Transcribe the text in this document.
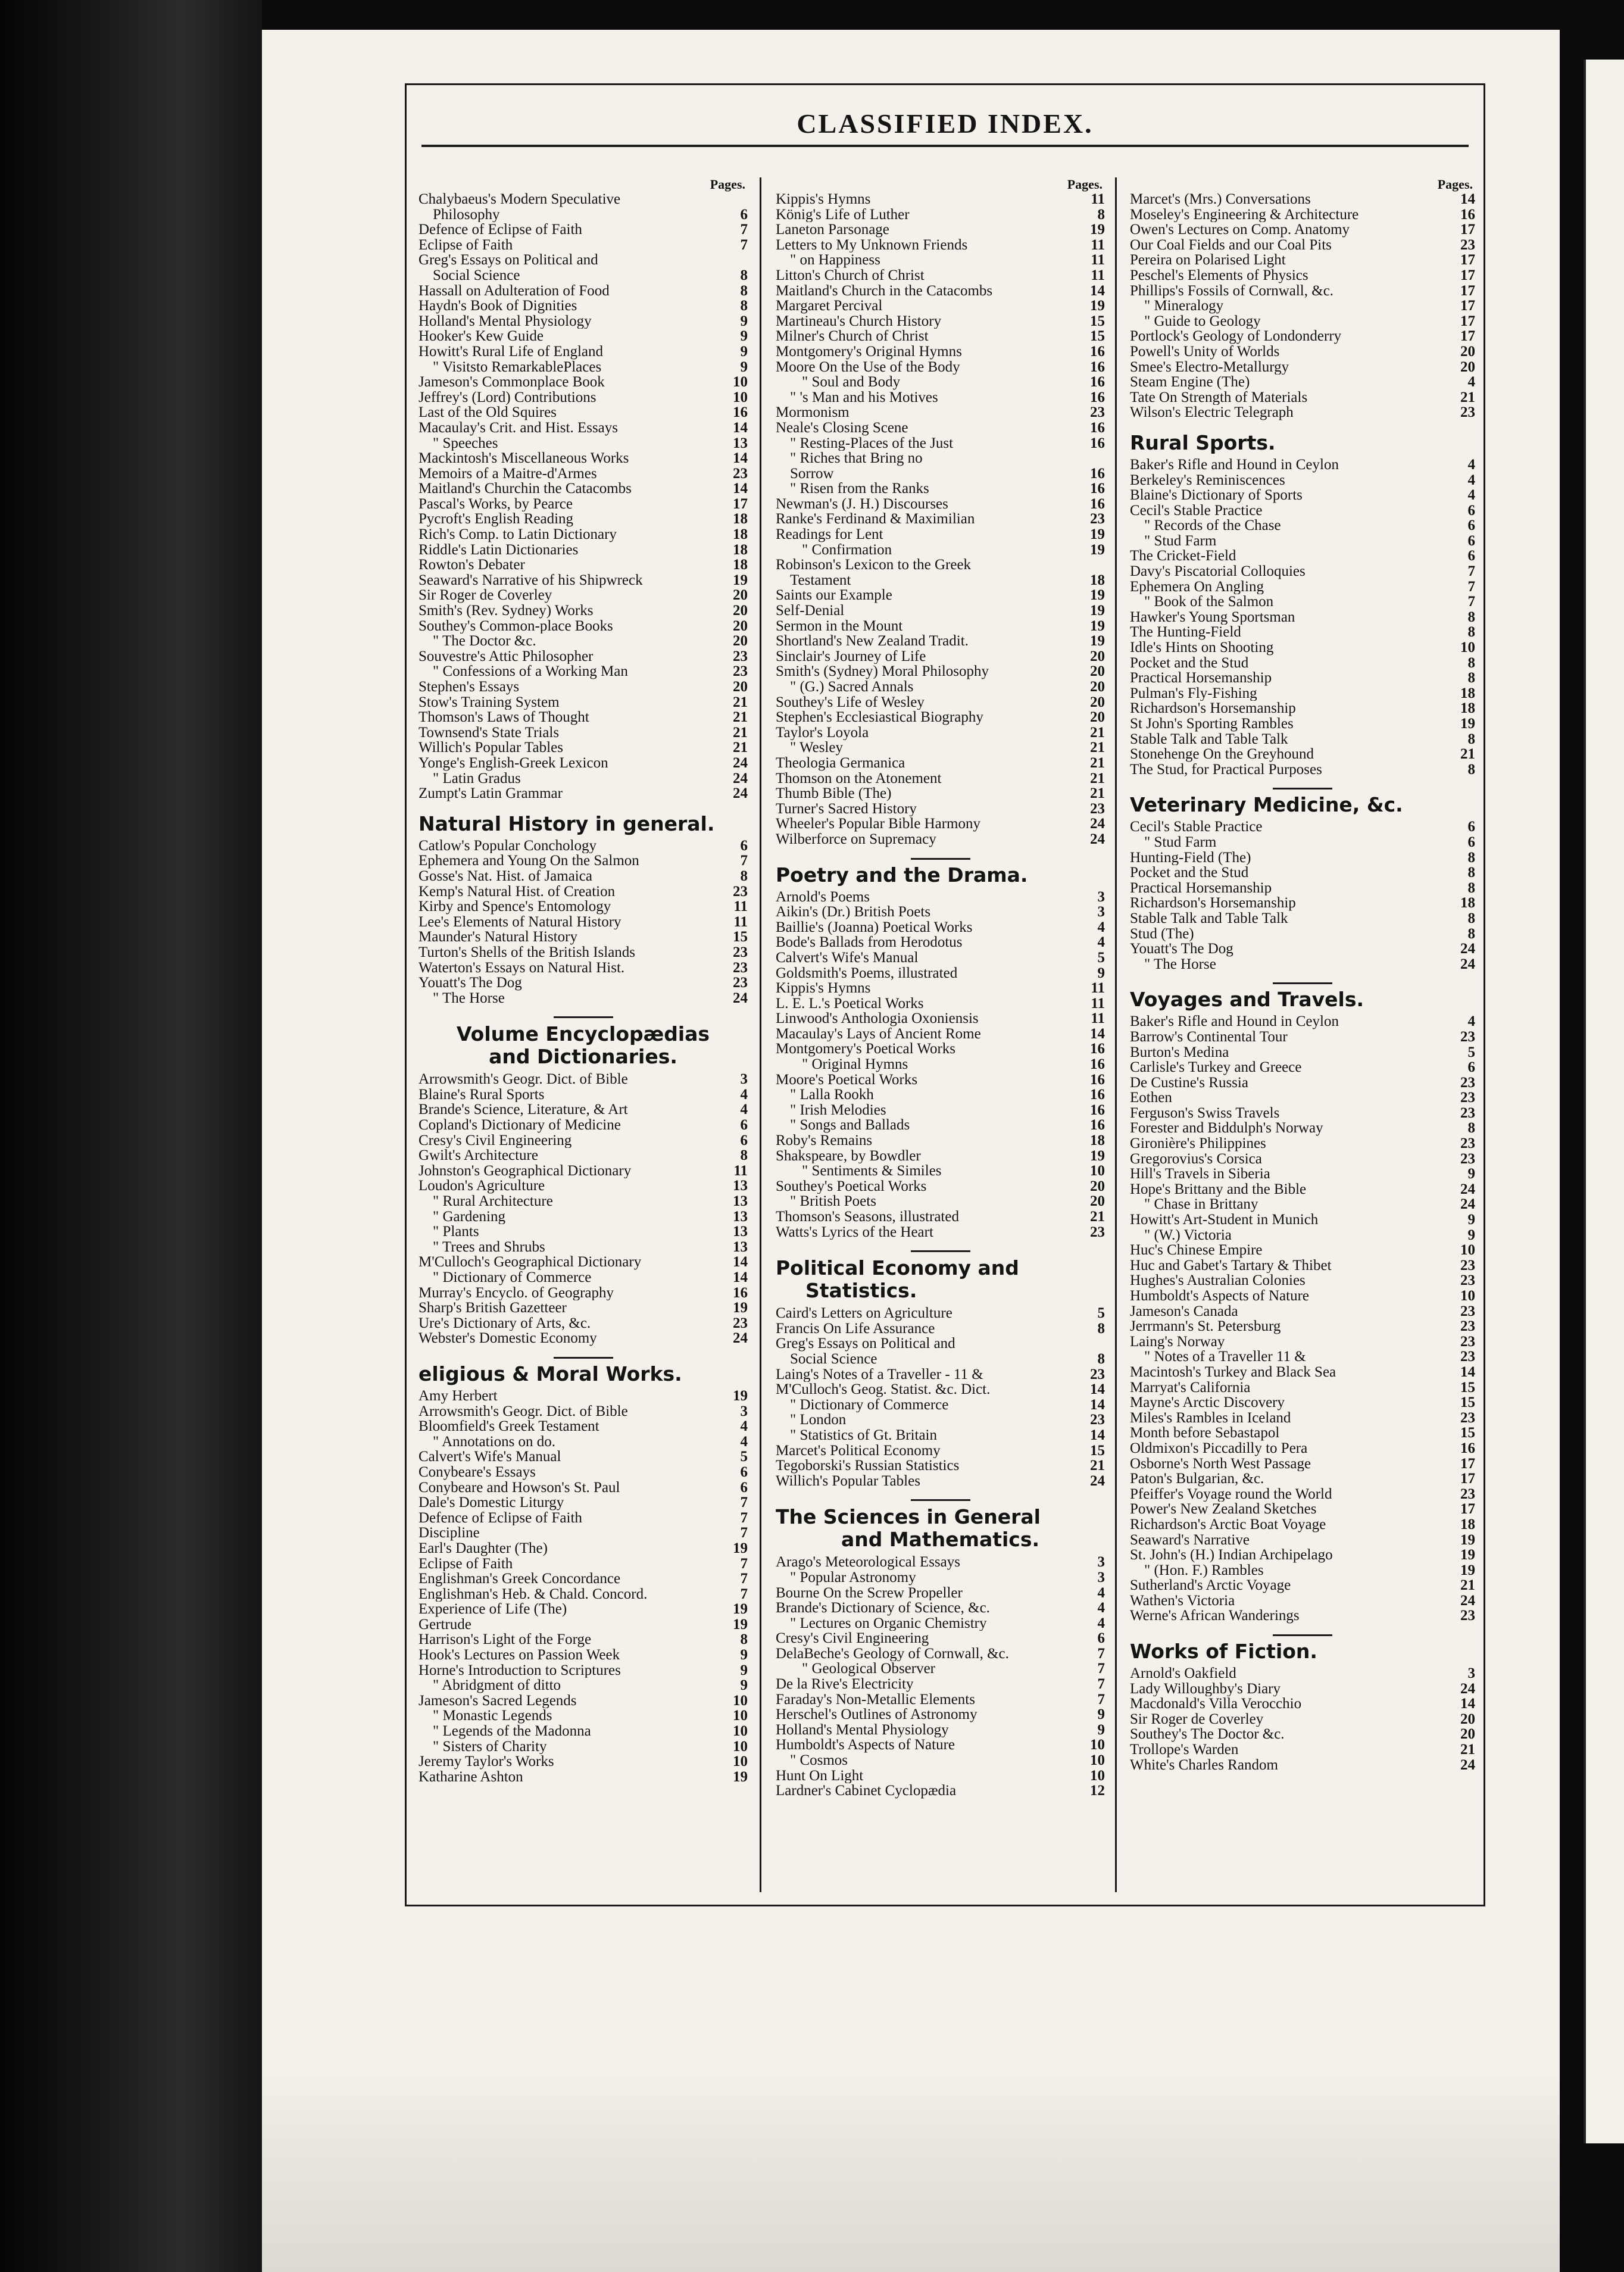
CLASSIFIED INDEX.
Pages.
Chalybaeus's Modern Speculative
Philosophy	6
Defence of Eclipse of Faith	7
Eclipse of Faith	7
Greg's Essays on Political and
Social Science	8
Hassall on Adulteration of Food	8
Haydn's Book of Dignities	8
Holland's Mental Physiology	9
Hooker's Kew Guide	9
Howitt's Rural Life of England	9
" Visitsto RemarkablePlaces	9
Jameson's Commonplace Book	10
Jeffrey's (Lord) Contributions	10
Last of the Old Squires	16
Macaulay's Crit. and Hist. Essays	14
" Speeches	13
Mackintosh's Miscellaneous Works	14
Memoirs of a Maitre-d'Armes	23
Maitland's Churchin the Catacombs	14
Pascal's Works, by Pearce	17
Pycroft's English Reading	18
Rich's Comp. to Latin Dictionary	18
Riddle's Latin Dictionaries	18
Rowton's Debater	18
Seaward's Narrative of his Shipwreck	19
Sir Roger de Coverley	20
Smith's (Rev. Sydney) Works	20
Southey's Common-place Books	20
" The Doctor &c.	20
Souvestre's Attic Philosopher	23
" Confessions of a Working Man	23
Stephen's Essays	20
Stow's Training System	21
Thomson's Laws of Thought	21
Townsend's State Trials	21
Willich's Popular Tables	21
Yonge's English-Greek Lexicon	24
" Latin Gradus	24
Zumpt's Latin Grammar	24
Natural History in general.
Catlow's Popular Conchology	6
Ephemera and Young On the Salmon	7
Gosse's Nat. Hist. of Jamaica	8
Kemp's Natural Hist. of Creation	23
Kirby and Spence's Entomology	11
Lee's Elements of Natural History	11
Maunder's Natural History	15
Turton's Shells of the British Islands	23
Waterton's Essays on Natural Hist.	23
Youatt's The Dog	23
" The Horse	24
Volume Encyclopædias
and Dictionaries.
Arrowsmith's Geogr. Dict. of Bible	3
Blaine's Rural Sports	4
Brande's Science, Literature, & Art	4
Copland's Dictionary of Medicine	6
Cresy's Civil Engineering	6
Gwilt's Architecture	8
Johnston's Geographical Dictionary	11
Loudon's Agriculture	13
" Rural Architecture	13
" Gardening	13
" Plants	13
" Trees and Shrubs	13
M'Culloch's Geographical Dictionary	14
" Dictionary of Commerce	14
Murray's Encyclo. of Geography	16
Sharp's British Gazetteer	19
Ure's Dictionary of Arts, &c.	23
Webster's Domestic Economy	24
eligious & Moral Works.
Amy Herbert	19
Arrowsmith's Geogr. Dict. of Bible	3
Bloomfield's Greek Testament	4
" Annotations on do.	4
Calvert's Wife's Manual	5
Conybeare's Essays	6
Conybeare and Howson's St. Paul	6
Dale's Domestic Liturgy	7
Defence of Eclipse of Faith	7
Discipline	7
Earl's Daughter (The)	19
Eclipse of Faith	7
Englishman's Greek Concordance	7
Englishman's Heb. & Chald. Concord.	7
Experience of Life (The)	19
Gertrude	19
Harrison's Light of the Forge	8
Hook's Lectures on Passion Week	9
Horne's Introduction to Scriptures	9
" Abridgment of ditto	9
Jameson's Sacred Legends	10
" Monastic Legends	10
" Legends of the Madonna	10
" Sisters of Charity	10
Jeremy Taylor's Works	10
Katharine Ashton	19
Pages.
Kippis's Hymns	11
König's Life of Luther	8
Laneton Parsonage	19
Letters to My Unknown Friends	11
" on Happiness	11
Litton's Church of Christ	11
Maitland's Church in the Catacombs	14
Margaret Percival	19
Martineau's Church History	15
Milner's Church of Christ	15
Montgomery's Original Hymns	16
Moore On the Use of the Body	16
" Soul and Body	16
" 's Man and his Motives	16
Mormonism	23
Neale's Closing Scene	16
" Resting-Places of the Just	16
" Riches that Bring no
Sorrow	16
" Risen from the Ranks	16
Newman's (J. H.) Discourses	16
Ranke's Ferdinand & Maximilian	23
Readings for Lent	19
" Confirmation	19
Robinson's Lexicon to the Greek
Testament	18
Saints our Example	19
Self-Denial	19
Sermon in the Mount	19
Shortland's New Zealand Tradit.	19
Sinclair's Journey of Life	20
Smith's (Sydney) Moral Philosophy	20
" (G.) Sacred Annals	20
Southey's Life of Wesley	20
Stephen's Ecclesiastical Biography	20
Taylor's Loyola	21
" Wesley	21
Theologia Germanica	21
Thomson on the Atonement	21
Thumb Bible (The)	21
Turner's Sacred History	23
Wheeler's Popular Bible Harmony	24
Wilberforce on Supremacy	24
Poetry and the Drama.
Arnold's Poems	3
Aikin's (Dr.) British Poets	3
Baillie's (Joanna) Poetical Works	4
Bode's Ballads from Herodotus	4
Calvert's Wife's Manual	5
Goldsmith's Poems, illustrated	9
Kippis's Hymns	11
L. E. L.'s Poetical Works	11
Linwood's Anthologia Oxoniensis	11
Macaulay's Lays of Ancient Rome	14
Montgomery's Poetical Works	16
" Original Hymns	16
Moore's Poetical Works	16
" Lalla Rookh	16
" Irish Melodies	16
" Songs and Ballads	16
Roby's Remains	18
Shakspeare, by Bowdler	19
" Sentiments & Similes	10
Southey's Poetical Works	20
" British Poets	20
Thomson's Seasons, illustrated	21
Watts's Lyrics of the Heart	23
Political Economy and
Statistics.
Caird's Letters on Agriculture	5
Francis On Life Assurance	8
Greg's Essays on Political and
Social Science	8
Laing's Notes of a Traveller - 11 &	23
M'Culloch's Geog. Statist. &c. Dict.	14
" Dictionary of Commerce	14
" London	23
" Statistics of Gt. Britain	14
Marcet's Political Economy	15
Tegoborski's Russian Statistics	21
Willich's Popular Tables	24
The Sciences in General
and Mathematics.
Arago's Meteorological Essays	3
" Popular Astronomy	3
Bourne On the Screw Propeller	4
Brande's Dictionary of Science, &c.	4
" Lectures on Organic Chemistry	4
Cresy's Civil Engineering	6
DelaBeche's Geology of Cornwall, &c.	7
" Geological Observer	7
De la Rive's Electricity	7
Faraday's Non-Metallic Elements	7
Herschel's Outlines of Astronomy	9
Holland's Mental Physiology	9
Humboldt's Aspects of Nature	10
" Cosmos	10
Hunt On Light	10
Lardner's Cabinet Cyclopædia	12
Pages.
Marcet's (Mrs.) Conversations	14
Moseley's Engineering & Architecture	16
Owen's Lectures on Comp. Anatomy	17
Our Coal Fields and our Coal Pits	23
Pereira on Polarised Light	17
Peschel's Elements of Physics	17
Phillips's Fossils of Cornwall, &c.	17
" Mineralogy	17
" Guide to Geology	17
Portlock's Geology of Londonderry	17
Powell's Unity of Worlds	20
Smee's Electro-Metallurgy	20
Steam Engine (The)	4
Tate On Strength of Materials	21
Wilson's Electric Telegraph	23
Rural Sports.
Baker's Rifle and Hound in Ceylon	4
Berkeley's Reminiscences	4
Blaine's Dictionary of Sports	4
Cecil's Stable Practice	6
" Records of the Chase	6
" Stud Farm	6
The Cricket-Field	6
Davy's Piscatorial Colloquies	7
Ephemera On Angling	7
" Book of the Salmon	7
Hawker's Young Sportsman	8
The Hunting-Field	8
Idle's Hints on Shooting	10
Pocket and the Stud	8
Practical Horsemanship	8
Pulman's Fly-Fishing	18
Richardson's Horsemanship	18
St John's Sporting Rambles	19
Stable Talk and Table Talk	8
Stonehenge On the Greyhound	21
The Stud, for Practical Purposes	8
Veterinary Medicine, &c.
Cecil's Stable Practice	6
" Stud Farm	6
Hunting-Field (The)	8
Pocket and the Stud	8
Practical Horsemanship	8
Richardson's Horsemanship	18
Stable Talk and Table Talk	8
Stud (The)	8
Youatt's The Dog	24
" The Horse	24
Voyages and Travels.
Baker's Rifle and Hound in Ceylon	4
Barrow's Continental Tour	23
Burton's Medina	5
Carlisle's Turkey and Greece	6
De Custine's Russia	23
Eothen	23
Ferguson's Swiss Travels	23
Forester and Biddulph's Norway	8
Gironière's Philippines	23
Gregorovius's Corsica	23
Hill's Travels in Siberia	9
Hope's Brittany and the Bible	24
" Chase in Brittany	24
Howitt's Art-Student in Munich	9
" (W.) Victoria	9
Huc's Chinese Empire	10
Huc and Gabet's Tartary & Thibet	23
Hughes's Australian Colonies	23
Humboldt's Aspects of Nature	10
Jameson's Canada	23
Jerrmann's St. Petersburg	23
Laing's Norway	23
" Notes of a Traveller 11 &	23
Macintosh's Turkey and Black Sea	14
Marryat's California	15
Mayne's Arctic Discovery	15
Miles's Rambles in Iceland	23
Month before Sebastapol	15
Oldmixon's Piccadilly to Pera	16
Osborne's North West Passage	17
Paton's Bulgarian, &c.	17
Pfeiffer's Voyage round the World	23
Power's New Zealand Sketches	17
Richardson's Arctic Boat Voyage	18
Seaward's Narrative	19
St. John's (H.) Indian Archipelago	19
" (Hon. F.) Rambles	19
Sutherland's Arctic Voyage	21
Wathen's Victoria	24
Werne's African Wanderings	23
Works of Fiction.
Arnold's Oakfield	3
Lady Willoughby's Diary	24
Macdonald's Villa Verocchio	14
Sir Roger de Coverley	20
Southey's The Doctor &c.	20
Trollope's Warden	21
White's Charles Random	24
